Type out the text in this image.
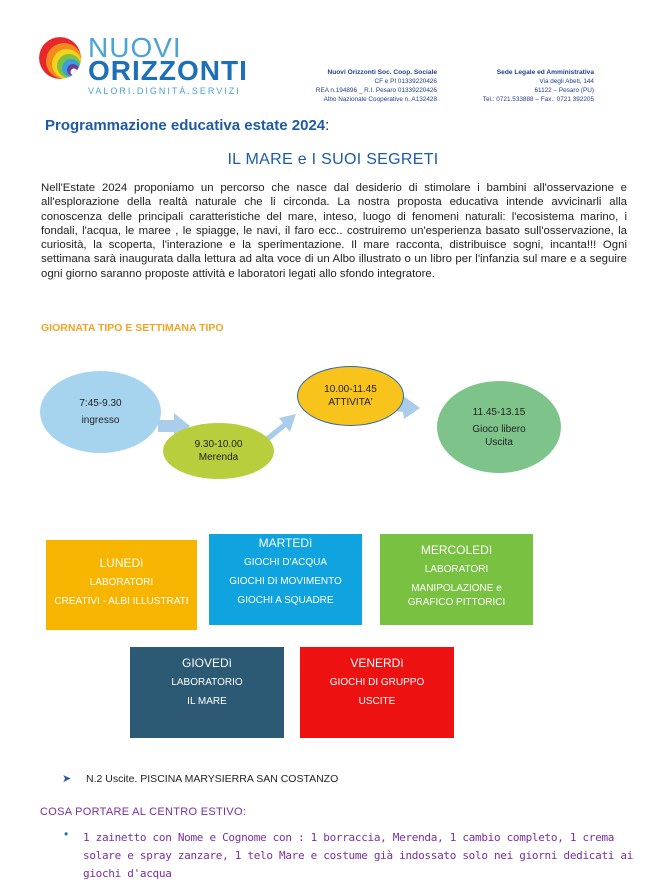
NUOVI
ORIZZONTI
VALORI.DIGNITÀ.SERVIZI
Nuovi Orizzonti Soc. Coop. Sociale
CF e PI 01339220426
REA n.194896 _ R.I. Pesaro 01339220426
Albo Nazionale Cooperative n. A132428
Sede Legale ed Amministrativa
Via degli Abeti, 144
61122 – Pesaro (PU)
Tel.: 0721.533888 – Fax.: 0721 392205
Programmazione educativa estate 2024:
IL MARE e I SUOI SEGRETI

Nell'Estate 2024 proponiamo un percorso che nasce dal desiderio di stimolare i bambini all'osservazione e all'esplorazione della realtà naturale che li circonda. La nostra proposta educativa intende avvicinarli alla conoscenza delle principali caratteristiche del mare, inteso, luogo di fenomeni naturali: l'ecosistema marino, i fondali, l'acqua, le maree , le spiagge, le navi, il faro ecc.. costruiremo un'esperienza basato sull'osservazione, la curiosità, la scoperta, l'interazione e la sperimentazione. Il mare racconta, distribuisce sogni, incanta!!! Ogni settimana sarà inaugurata dalla lettura ad alta voce di un Albo illustrato o un libro per l'infanzia sul mare e a seguire ogni giorno saranno proposte attività e laboratori legati allo sfondo integratore.

GIORNATA TIPO E SETTIMANA TIPO
7:45-9.30
ingresso
9.30-10.00
Merenda
10.00-11.45
ATTIVITA'
11.45-13.15
Gioco libero
Uscita
LUNEDì
LABORATORI
CREATIVI - ALBI ILLUSTRATI
MARTEDì
GIOCHI D'ACQUA
GIOCHI DI MOVIMENTO
GIOCHI A SQUADRE
MERCOLEDì
LABORATORI
MANIPOLAZIONE e
GRAFICO PITTORICI
GIOVEDì
LABORATORIO
IL MARE
VENERDì
GIOCHI DI GRUPPO
USCITE
➤ N.2 Uscite. PISCINA MARYSIERRA SAN COSTANZO
COSA PORTARE AL CENTRO ESTIVO:
• 1 zainetto con Nome e Cognome con : 1 borraccia, Merenda, 1 cambio completo, 1 crema solare e spray zanzare, 1 telo Mare e costume già indossato solo nei giorni dedicati ai giochi d'acqua
